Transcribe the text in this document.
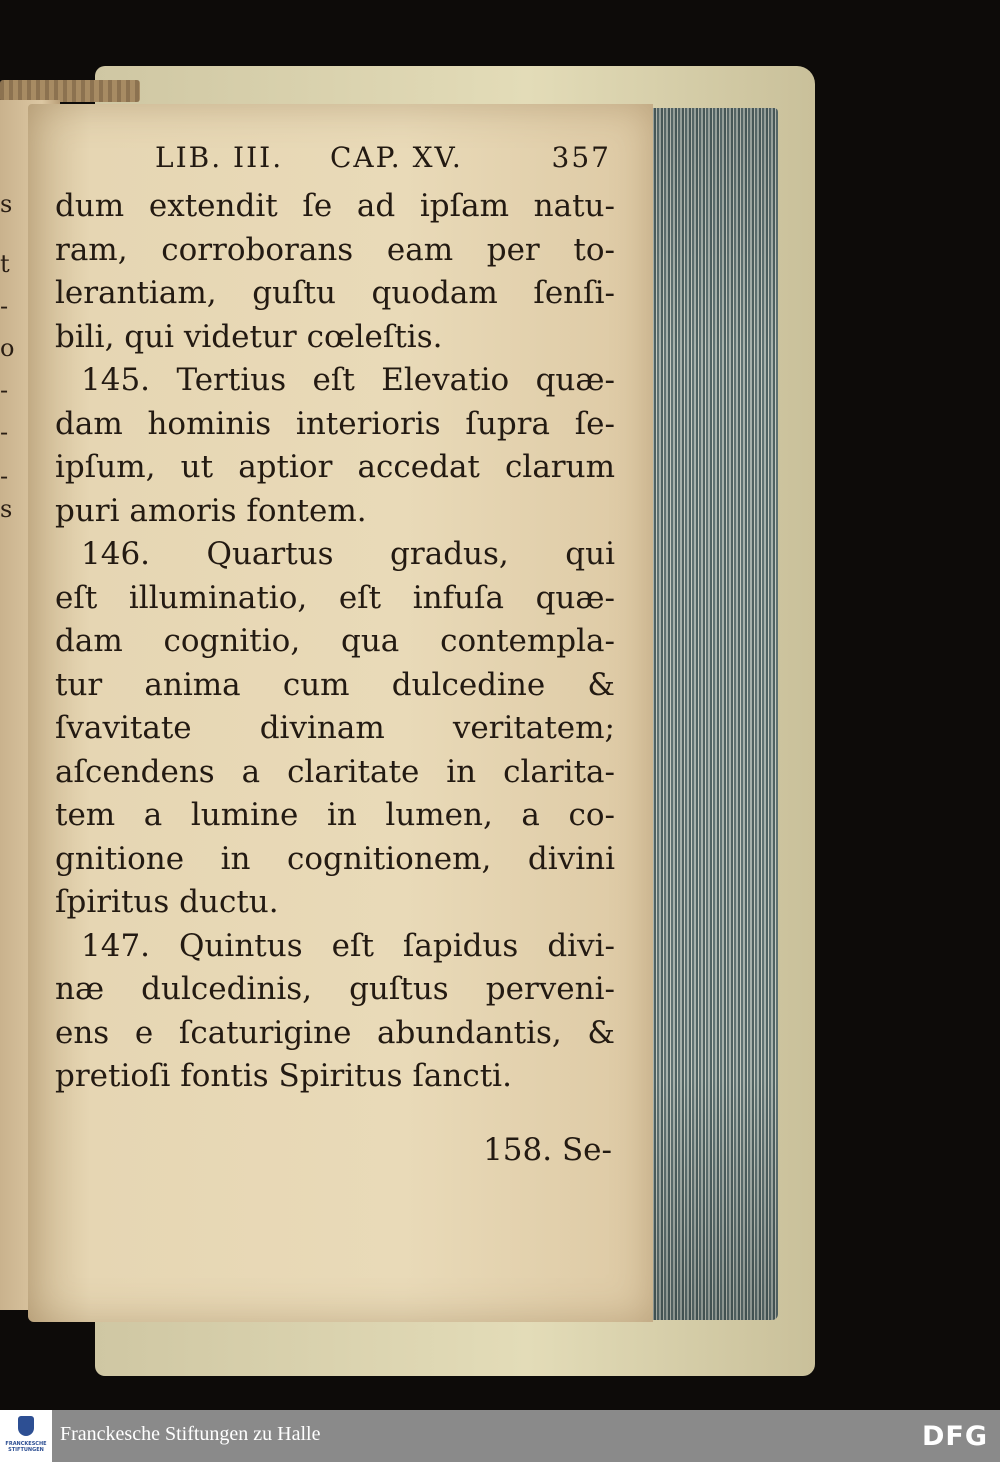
s
t
-
o
-
-
-
s
LIB. III. CAP. XV.	357
dum extendit ſe ad ipſam natu-
ram, corroborans eam per to-
lerantiam, guſtu quodam ſenſi-
bili, qui videtur cœleſtis.
145. Tertius eſt Elevatio quæ-
dam hominis interioris ſupra ſe-
ipſum, ut aptior accedat clarum
puri amoris fontem.
146. Quartus gradus, qui
eſt illuminatio, eſt infuſa quæ-
dam cognitio, qua contempla-
tur anima cum dulcedine &
ſvavitate divinam veritatem;
aſcendens a claritate in clarita-
tem a lumine in lumen, a co-
gnitione in cognitionem, divini
ſpiritus ductu.
147. Quintus eſt ſapidus divi-
næ dulcedinis, guſtus perveni-
ens e ſcaturigine abundantis, &
pretioſi fontis Spiritus ſancti.
158. Se-
FRANCKESCHE STIFTUNGEN
Franckesche Stiftungen zu Halle	DFG
